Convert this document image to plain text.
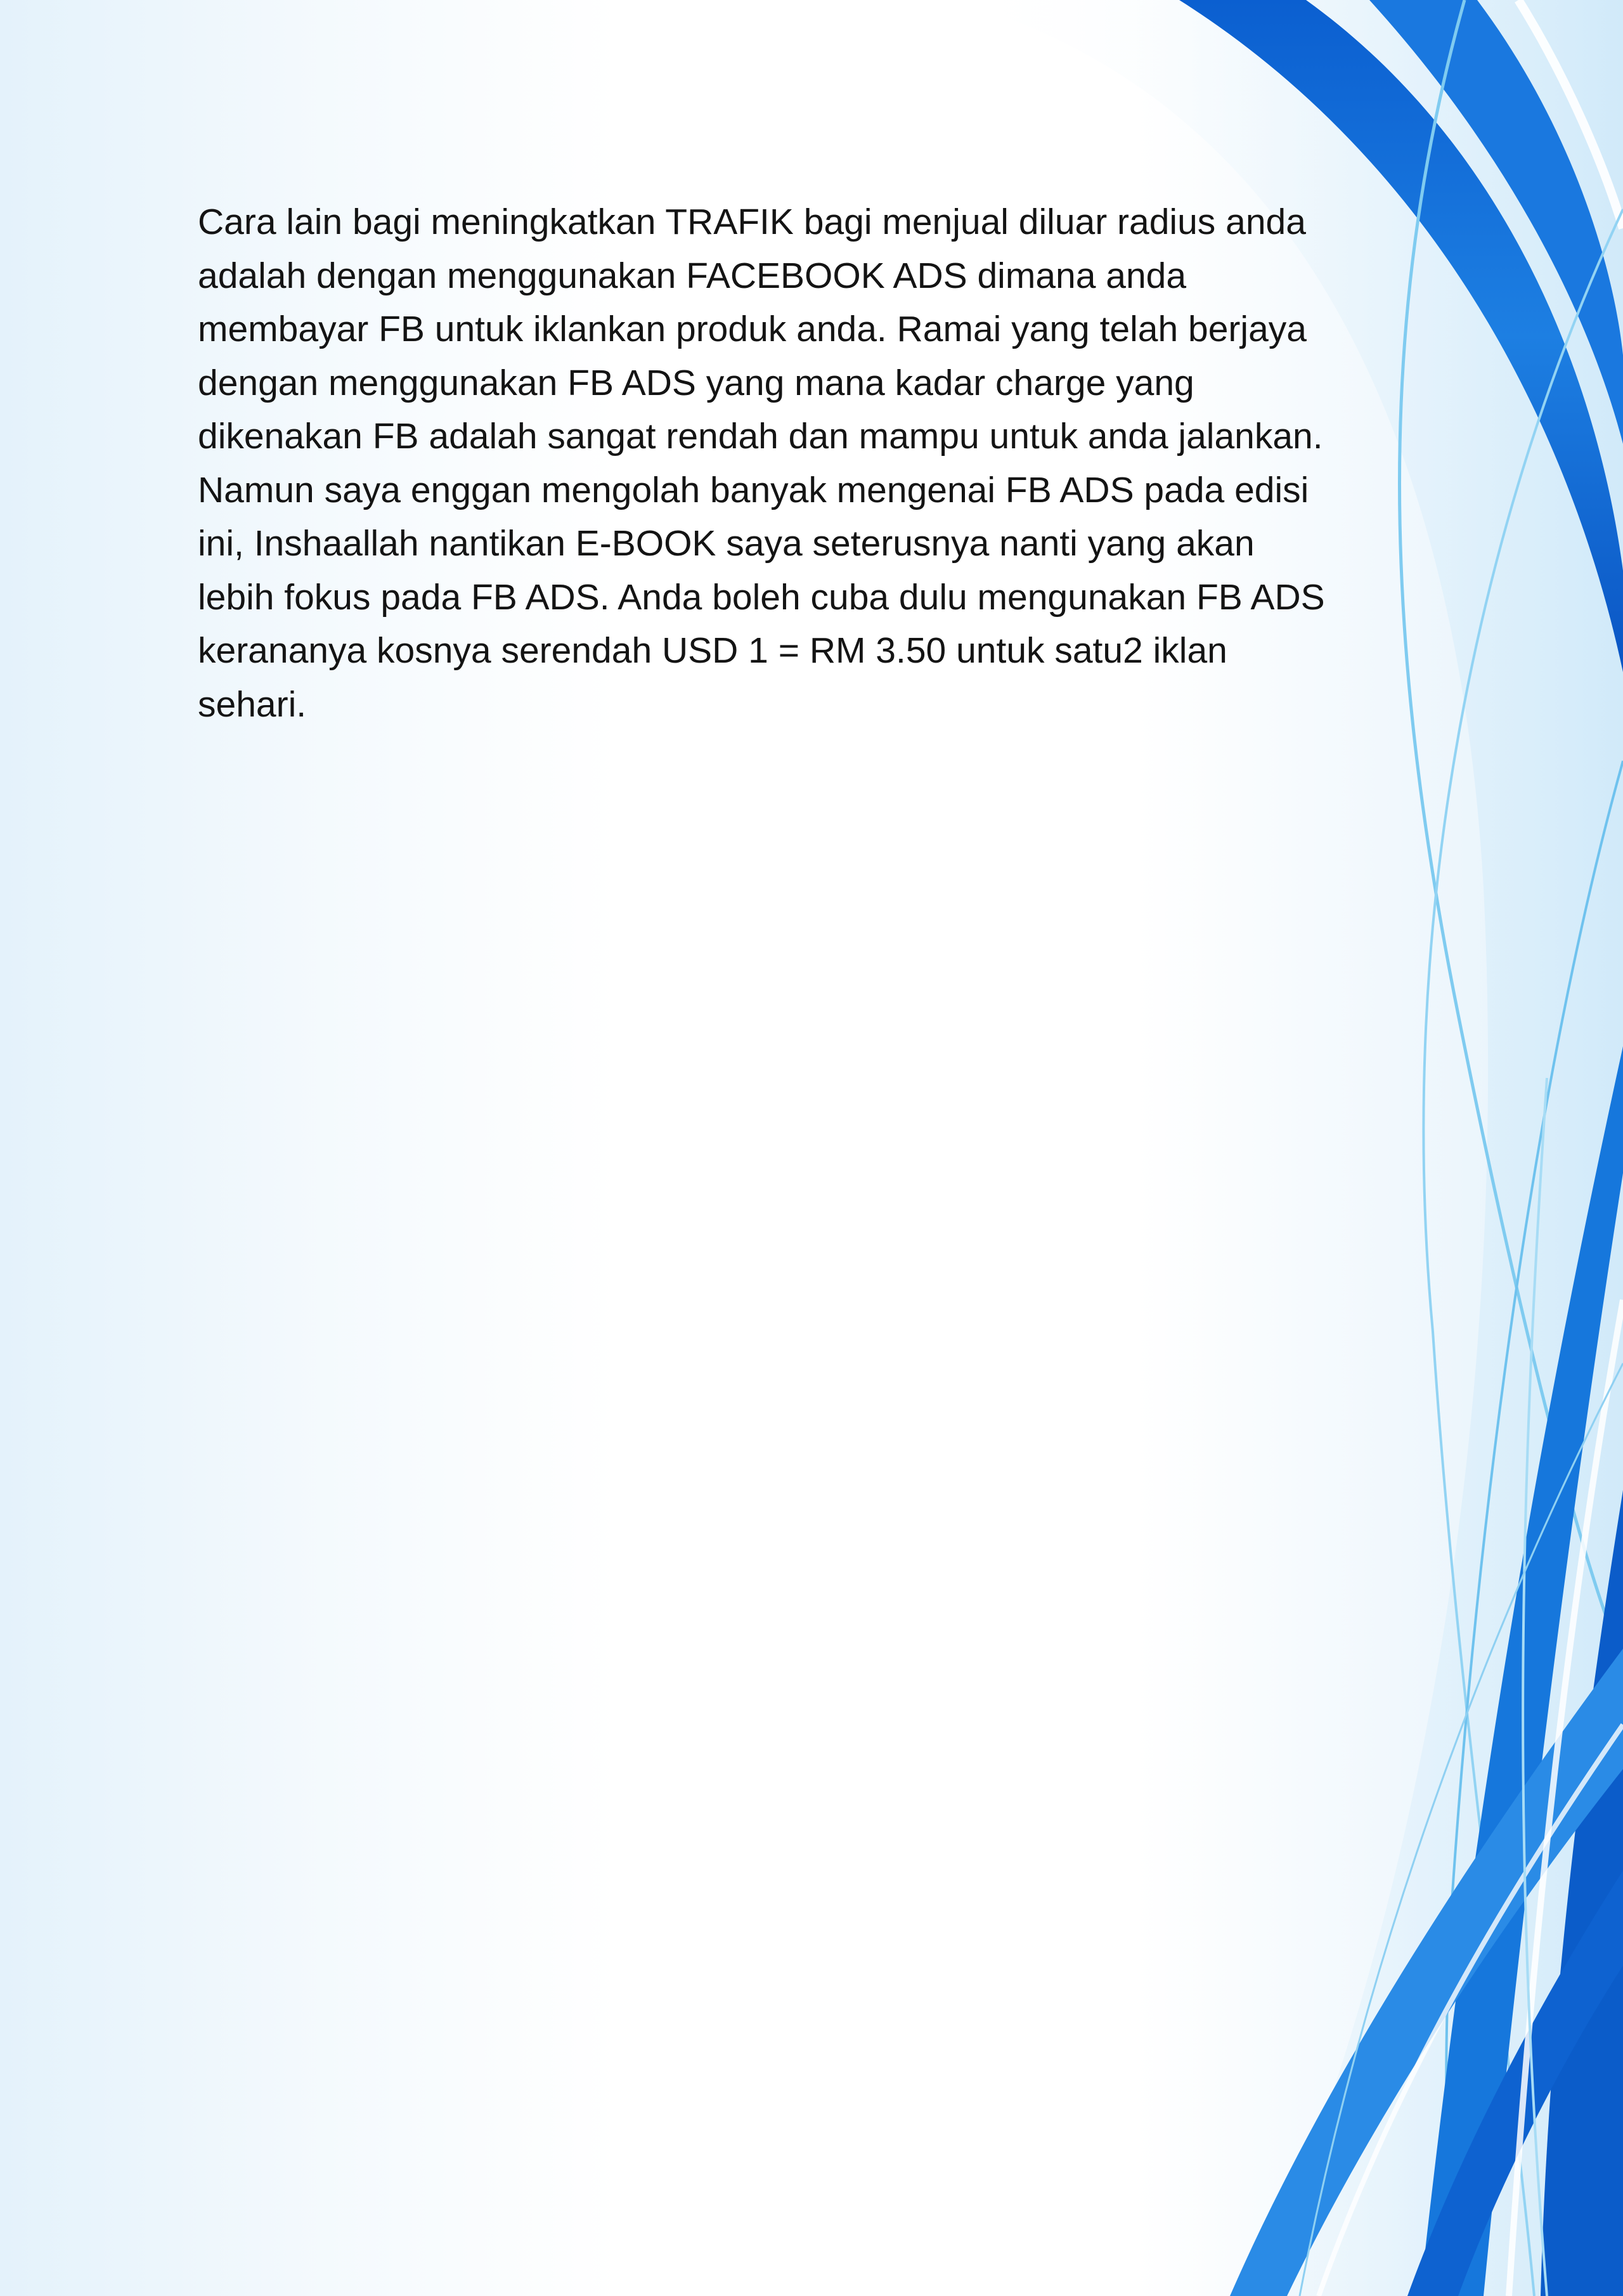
Cara lain bagi meningkatkan TRAFIK bagi menjual diluar radius anda
adalah dengan menggunakan FACEBOOK ADS dimana anda
membayar FB untuk iklankan produk anda. Ramai yang telah berjaya
dengan menggunakan FB ADS yang mana kadar charge yang
dikenakan FB adalah sangat rendah dan mampu untuk anda jalankan.
Namun saya enggan mengolah banyak mengenai FB ADS pada edisi
ini, Inshaallah nantikan E-BOOK saya seterusnya nanti yang akan
lebih fokus pada FB ADS. Anda boleh cuba dulu mengunakan FB ADS
kerananya kosnya serendah USD 1 = RM 3.50 untuk satu2 iklan
sehari.
